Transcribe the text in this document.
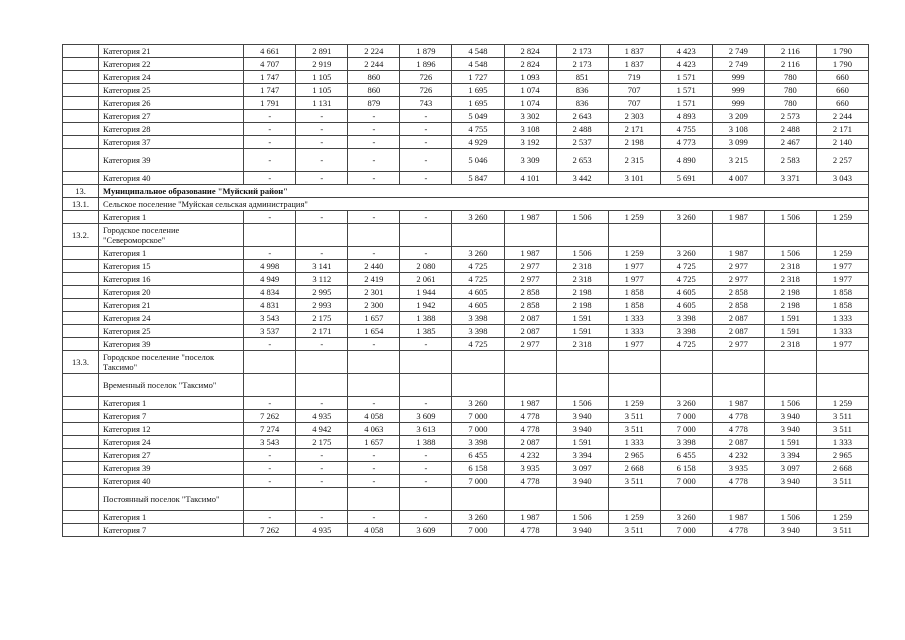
	Категория 21	4 661	2 891	2 224	1 879	4 548	2 824	2 173	1 837	4 423	2 749	2 116	1 790
	Категория 22	4 707	2 919	2 244	1 896	4 548	2 824	2 173	1 837	4 423	2 749	2 116	1 790
	Категория 24	1 747	1 105	860	726	1 727	1 093	851	719	1 571	999	780	660
	Категория 25	1 747	1 105	860	726	1 695	1 074	836	707	1 571	999	780	660
	Категория 26	1 791	1 131	879	743	1 695	1 074	836	707	1 571	999	780	660
	Категория 27	-	-	-	-	5 049	3 302	2 643	2 303	4 893	3 209	2 573	2 244
	Категория 28	-	-	-	-	4 755	3 108	2 488	2 171	4 755	3 108	2 488	2 171
	Категория 37	-	-	-	-	4 929	3 192	2 537	2 198	4 773	3 099	2 467	2 140
	Категория 39	-	-	-	-	5 046	3 309	2 653	2 315	4 890	3 215	2 583	2 257
	Категория 40	-	-	-	-	5 847	4 101	3 442	3 101	5 691	4 007	3 371	3 043
13.	Муниципальное образование "Муйский район"												
13.1.	Сельское поселение "Муйская сельская администрация"												
	Категория 1	-	-	-	-	3 260	1 987	1 506	1 259	3 260	1 987	1 506	1 259
13.2.	Городское поселение "Североморское"												
	Категория 1	-	-	-	-	3 260	1 987	1 506	1 259	3 260	1 987	1 506	1 259
	Категория 15	4 998	3 141	2 440	2 080	4 725	2 977	2 318	1 977	4 725	2 977	2 318	1 977
	Категория 16	4 949	3 112	2 419	2 061	4 725	2 977	2 318	1 977	4 725	2 977	2 318	1 977
	Категория 20	4 834	2 995	2 301	1 944	4 605	2 858	2 198	1 858	4 605	2 858	2 198	1 858
	Категория 21	4 831	2 993	2 300	1 942	4 605	2 858	2 198	1 858	4 605	2 858	2 198	1 858
	Категория 24	3 543	2 175	1 657	1 388	3 398	2 087	1 591	1 333	3 398	2 087	1 591	1 333
	Категория 25	3 537	2 171	1 654	1 385	3 398	2 087	1 591	1 333	3 398	2 087	1 591	1 333
	Категория 39	-	-	-	-	4 725	2 977	2 318	1 977	4 725	2 977	2 318	1 977
13.3.	Городское поселение "поселок Таксимо"												
	Временный поселок "Таксимо"												
	Категория 1	-	-	-	-	3 260	1 987	1 506	1 259	3 260	1 987	1 506	1 259
	Категория 7	7 262	4 935	4 058	3 609	7 000	4 778	3 940	3 511	7 000	4 778	3 940	3 511
	Категория 12	7 274	4 942	4 063	3 613	7 000	4 778	3 940	3 511	7 000	4 778	3 940	3 511
	Категория 24	3 543	2 175	1 657	1 388	3 398	2 087	1 591	1 333	3 398	2 087	1 591	1 333
	Категория 27	-	-	-	-	6 455	4 232	3 394	2 965	6 455	4 232	3 394	2 965
	Категория 39	-	-	-	-	6 158	3 935	3 097	2 668	6 158	3 935	3 097	2 668
	Категория 40	-	-	-	-	7 000	4 778	3 940	3 511	7 000	4 778	3 940	3 511
	Постоянный поселок "Таксимо"												
	Категория 1	-	-	-	-	3 260	1 987	1 506	1 259	3 260	1 987	1 506	1 259
	Категория 7	7 262	4 935	4 058	3 609	7 000	4 778	3 940	3 511	7 000	4 778	3 940	3 511
